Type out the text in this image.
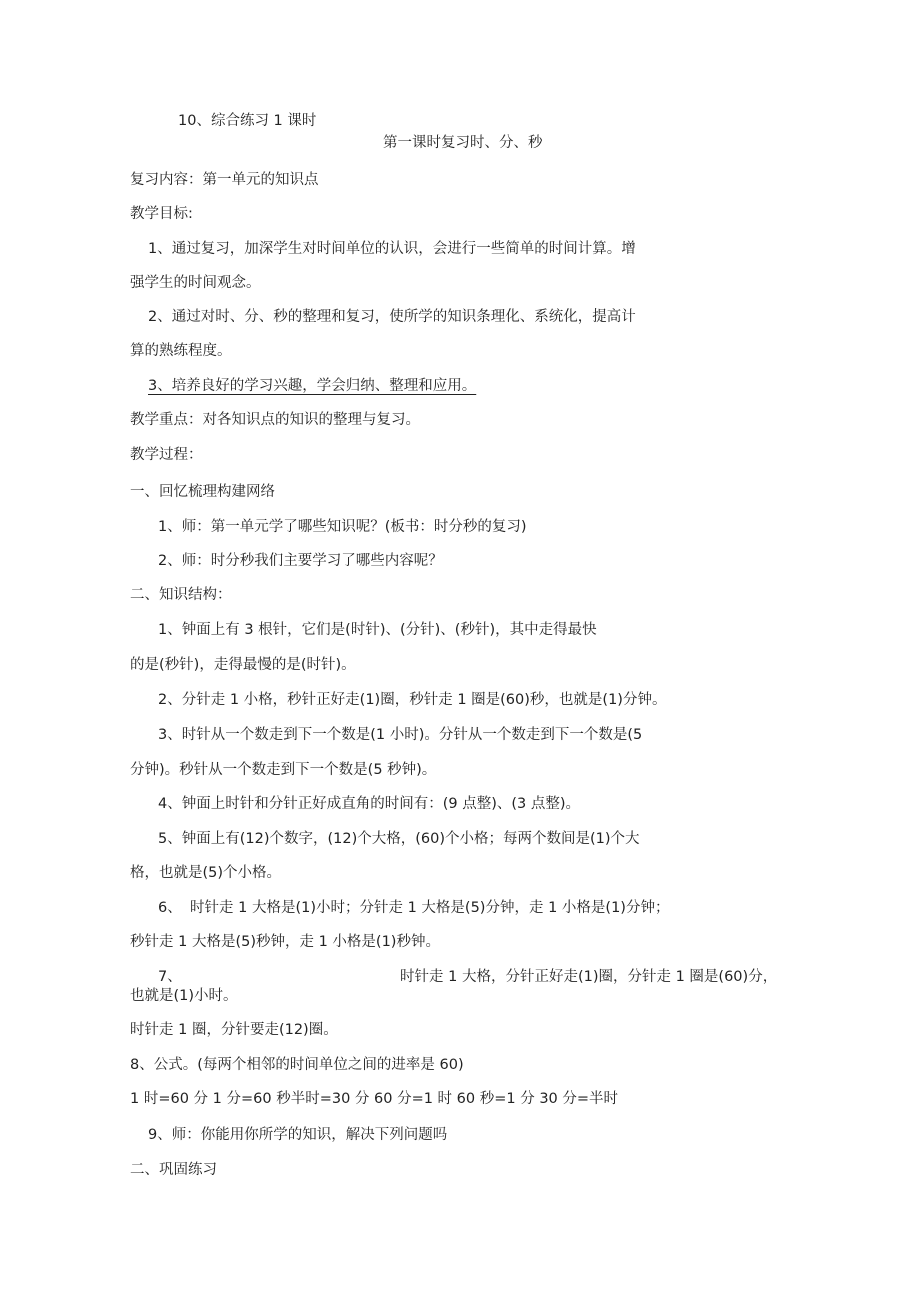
10、综合练习 1 课时
第一课时复习时、分、秒
复习内容：第一单元的知识点
教学目标:
1、通过复习，加深学生对时间单位的认识，会进行一些简单的时间计算。增
强学生的时间观念。
2、通过对时、分、秒的整理和复习，使所学的知识条理化、系统化，提高计
算的熟练程度。
3、培养良好的学习兴趣，学会归纳、整理和应用。
教学重点：对各知识点的知识的整理与复习。
教学过程：
一、回忆梳理构建网络
1、师：第一单元学了哪些知识呢？(板书：时分秒的复习)
2、师：时分秒我们主要学习了哪些内容呢？
二、知识结构：
1、钟面上有 3 根针，它们是(时针)、(分针)、(秒针)，其中走得最快
的是(秒针)，走得最慢的是(时针)。
2、分针走 1 小格，秒针正好走(1)圈，秒针走 1 圈是(60)秒，也就是(1)分钟。
3、时针从一个数走到下一个数是(1 小时)。分针从一个数走到下一个数是(5
分钟)。秒针从一个数走到下一个数是(5 秒钟)。
4、钟面上时针和分针正好成直角的时间有：(9 点整)、(3 点整)。
5、钟面上有(12)个数字，(12)个大格，(60)个小格；每两个数间是(1)个大
格，也就是(5)个小格。
6、 时针走 1 大格是(1)小时；分针走 1 大格是(5)分钟，走 1 小格是(1)分钟；
秒针走 1 大格是(5)秒钟，走 1 小格是(1)秒钟。
7、	时针走 1 大格，分针正好走(1)圈，分针走 1 圈是(60)分，
也就是(1)小时。
时针走 1 圈，分针要走(12)圈。
8、公式。(每两个相邻的时间单位之间的进率是 60)
1 时=60 分 1 分=60 秒半时=30 分 60 分=1 时 60 秒=1 分 30 分=半时
9、师：你能用你所学的知识，解决下列问题吗
二、巩固练习
